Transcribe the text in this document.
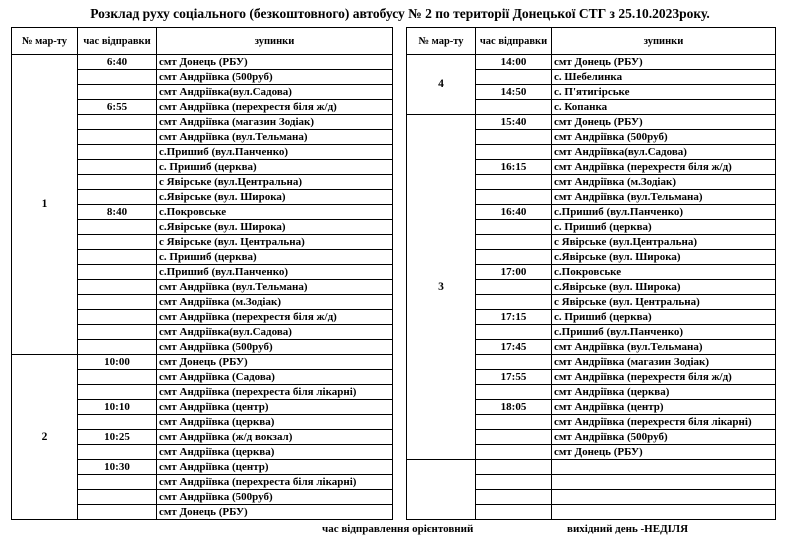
Розклад руху соціального (безкоштовного) автобусу № 2 по території Донецької СТГ з 25.10.2023року.
№ мар-ту	час відправки	зупинки
1	6:40	смт Донець (РБУ)
		смт Андріївка (500руб)
		смт Андріївка(вул.Садова)
	6:55	смт Андріївка (перехрестя біля ж/д)
		смт Андріївка (магазин Зодіак)
		смт Андріївка (вул.Тельмана)
		с.Пришиб (вул.Панченко)
		с. Пришиб (церква)
		с Явірське (вул.Центральна)
		с.Явірське (вул. Широка)
	8:40	с.Покровське
		с.Явірське (вул. Широка)
		с Явірське (вул. Центральна)
		с. Пришиб (церква)
		с.Пришиб (вул.Панченко)
		смт Андріївка (вул.Тельмана)
		смт Андріївка (м.Зодіак)
		смт Андріївка (перехрестя біля ж/д)
		смт Андріївка(вул.Садова)
		смт Андріївка (500руб)
2	10:00	смт Донець (РБУ)
		смт Андріївка (Садова)
		смт Андріївка (перехреста біля лікарні)
	10:10	смт Андріївка (центр)
		смт Андріївка (церква)
	10:25	смт Андріївка (ж/д вокзал)
		смт Андріївка (церква)
	10:30	смт Андріївка (центр)
		смт Андріївка (перехреста біля лікарні)
		смт Андріївка (500руб)
		смт Донець (РБУ)
№ мар-ту	час відправки	зупинки
4	14:00	смт Донець (РБУ)
		с. Шебелинка
	14:50	с. П'ятигірське
		с. Копанка
3	15:40	смт Донець (РБУ)
		смт Андріївка (500руб)
		смт Андріївка(вул.Садова)
	16:15	смт Андріївка (перехрестя біля ж/д)
		смт Андріївка (м.Зодіак)
		смт Андріївка (вул.Тельмана)
	16:40	с.Пришиб (вул.Панченко)
		с. Пришиб (церква)
		с Явірське (вул.Центральна)
		с.Явірське (вул. Широка)
	17:00	с.Покровське
		с.Явірське (вул. Широка)
		с Явірське (вул. Центральна)
	17:15	с. Пришиб (церква)
		с.Пришиб (вул.Панченко)
	17:45	смт Андріївка (вул.Тельмана)
		смт Андріївка (магазин Зодіак)
	17:55	смт Андріївка (перехрестя біля ж/д)
		смт Андріївка (церква)
	18:05	смт Андріївка (центр)
		смт Андріївка (перехрестя біля лікарні)
		смт Андріївка (500руб)
		смт Донець (РБУ)

час відправлення орієнтовний	вихідний день -НЕДІЛЯ
